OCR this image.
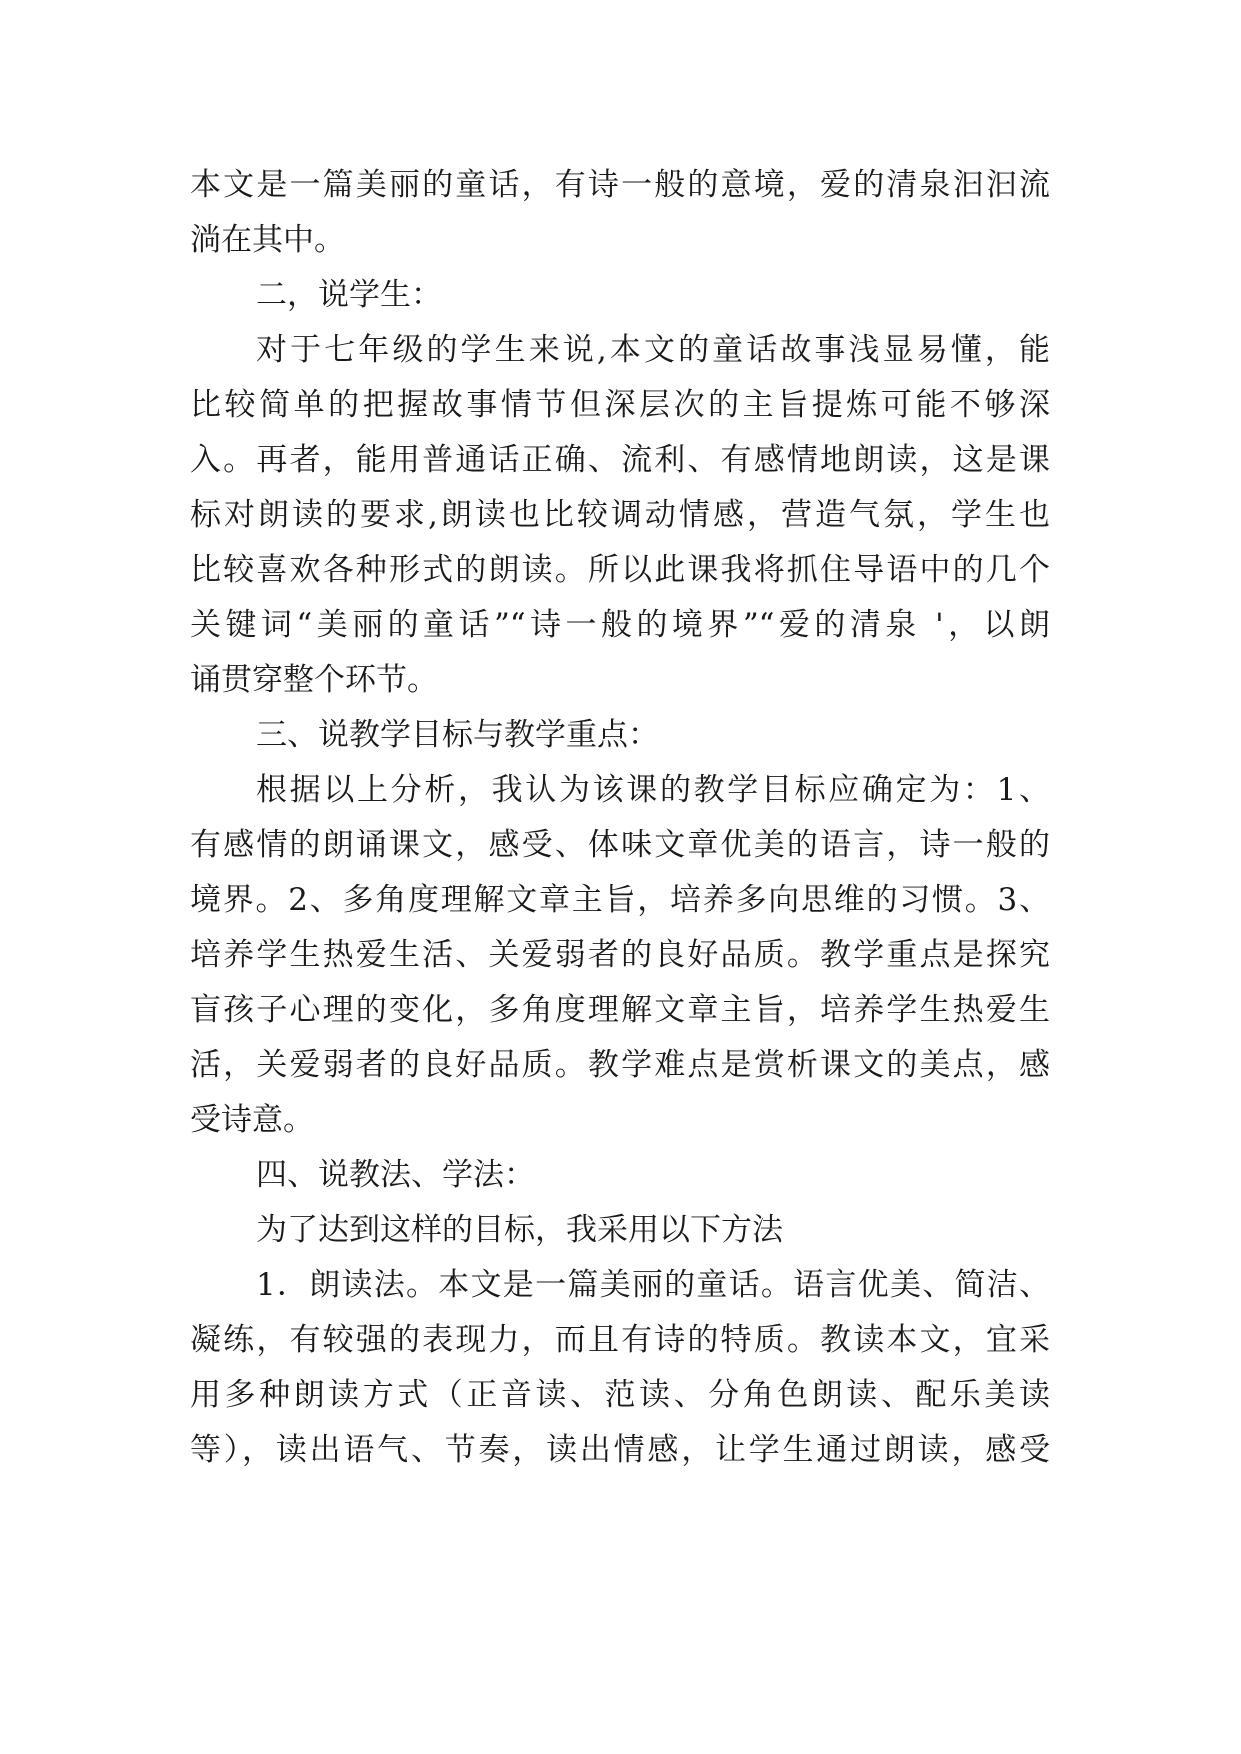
本文是一篇美丽的童话，有诗一般的意境，爱的清泉汩汩流
淌在其中。
二，说学生：
对于七年级的学生来说,本文的童话故事浅显易懂，能
比较简单的把握故事情节但深层次的主旨提炼可能不够深
入。再者，能用普通话正确、流利、有感情地朗读，这是课
标对朗读的要求,朗读也比较调动情感，营造气氛，学生也
比较喜欢各种形式的朗读。所以此课我将抓住导语中的几个
关键词“美丽的童话”“诗一般的境界”“爱的清泉 '，以朗
诵贯穿整个环节。
三、说教学目标与教学重点：
根据以上分析，我认为该课的教学目标应确定为：1、
有感情的朗诵课文，感受、体味文章优美的语言，诗一般的
境界。2、多角度理解文章主旨，培养多向思维的习惯。3、
培养学生热爱生活、关爱弱者的良好品质。教学重点是探究
盲孩子心理的变化，多角度理解文章主旨，培养学生热爱生
活，关爱弱者的良好品质。教学难点是赏析课文的美点，感
受诗意。
四、说教法、学法：
为了达到这样的目标，我采用以下方法
1．朗读法。本文是一篇美丽的童话。语言优美、简洁、
凝练，有较强的表现力，而且有诗的特质。教读本文，宜采
用多种朗读方式（正音读、范读、分角色朗读、配乐美读
等），读出语气、节奏，读出情感，让学生通过朗读，感受
